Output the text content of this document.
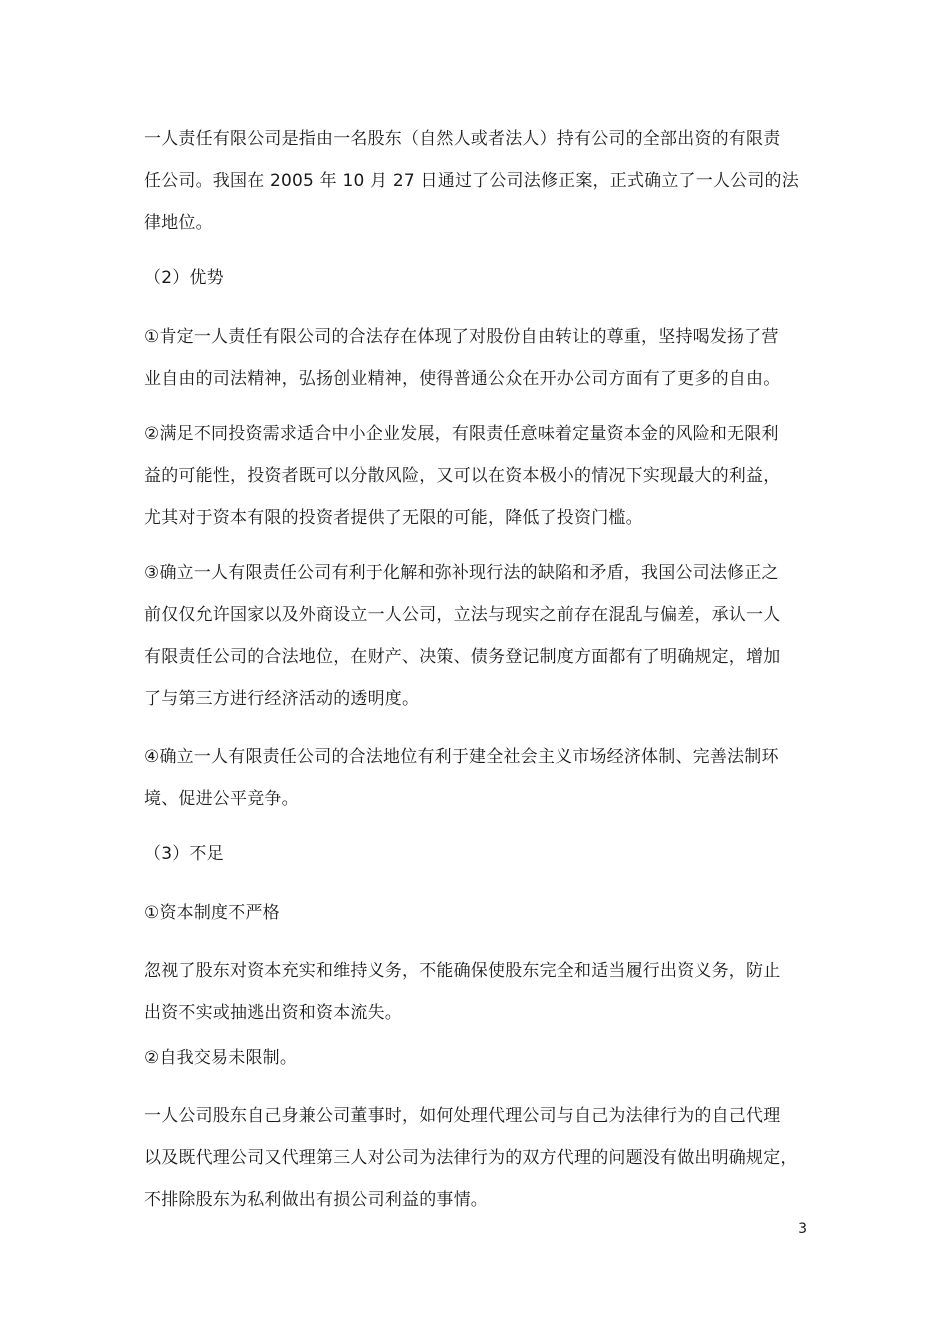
一人责任有限公司是指由一名股东（自然人或者法人）持有公司的全部出资的有限责
任公司。我国在 2005 年 10 月 27 日通过了公司法修正案，正式确立了一人公司的法
律地位。

（2）优势

①肯定一人责任有限公司的合法存在体现了对股份自由转让的尊重，坚持喝发扬了营
业自由的司法精神，弘扬创业精神，使得普通公众在开办公司方面有了更多的自由。

②满足不同投资需求适合中小企业发展，有限责任意味着定量资本金的风险和无限利
益的可能性，投资者既可以分散风险，又可以在资本极小的情况下实现最大的利益，
尤其对于资本有限的投资者提供了无限的可能，降低了投资门槛。

③确立一人有限责任公司有利于化解和弥补现行法的缺陷和矛盾，我国公司法修正之
前仅仅允许国家以及外商设立一人公司，立法与现实之前存在混乱与偏差，承认一人
有限责任公司的合法地位，在财产、决策、债务登记制度方面都有了明确规定，增加
了与第三方进行经济活动的透明度。

④确立一人有限责任公司的合法地位有利于建全社会主义市场经济体制、完善法制环
境、促进公平竞争。

（3）不足

①资本制度不严格

忽视了股东对资本充实和维持义务，不能确保使股东完全和适当履行出资义务，防止
出资不实或抽逃出资和资本流失。

②自我交易未限制。

一人公司股东自己身兼公司董事时，如何处理代理公司与自己为法律行为的自己代理
以及既代理公司又代理第三人对公司为法律行为的双方代理的问题没有做出明确规定，
不排除股东为私利做出有损公司利益的事情。

3
